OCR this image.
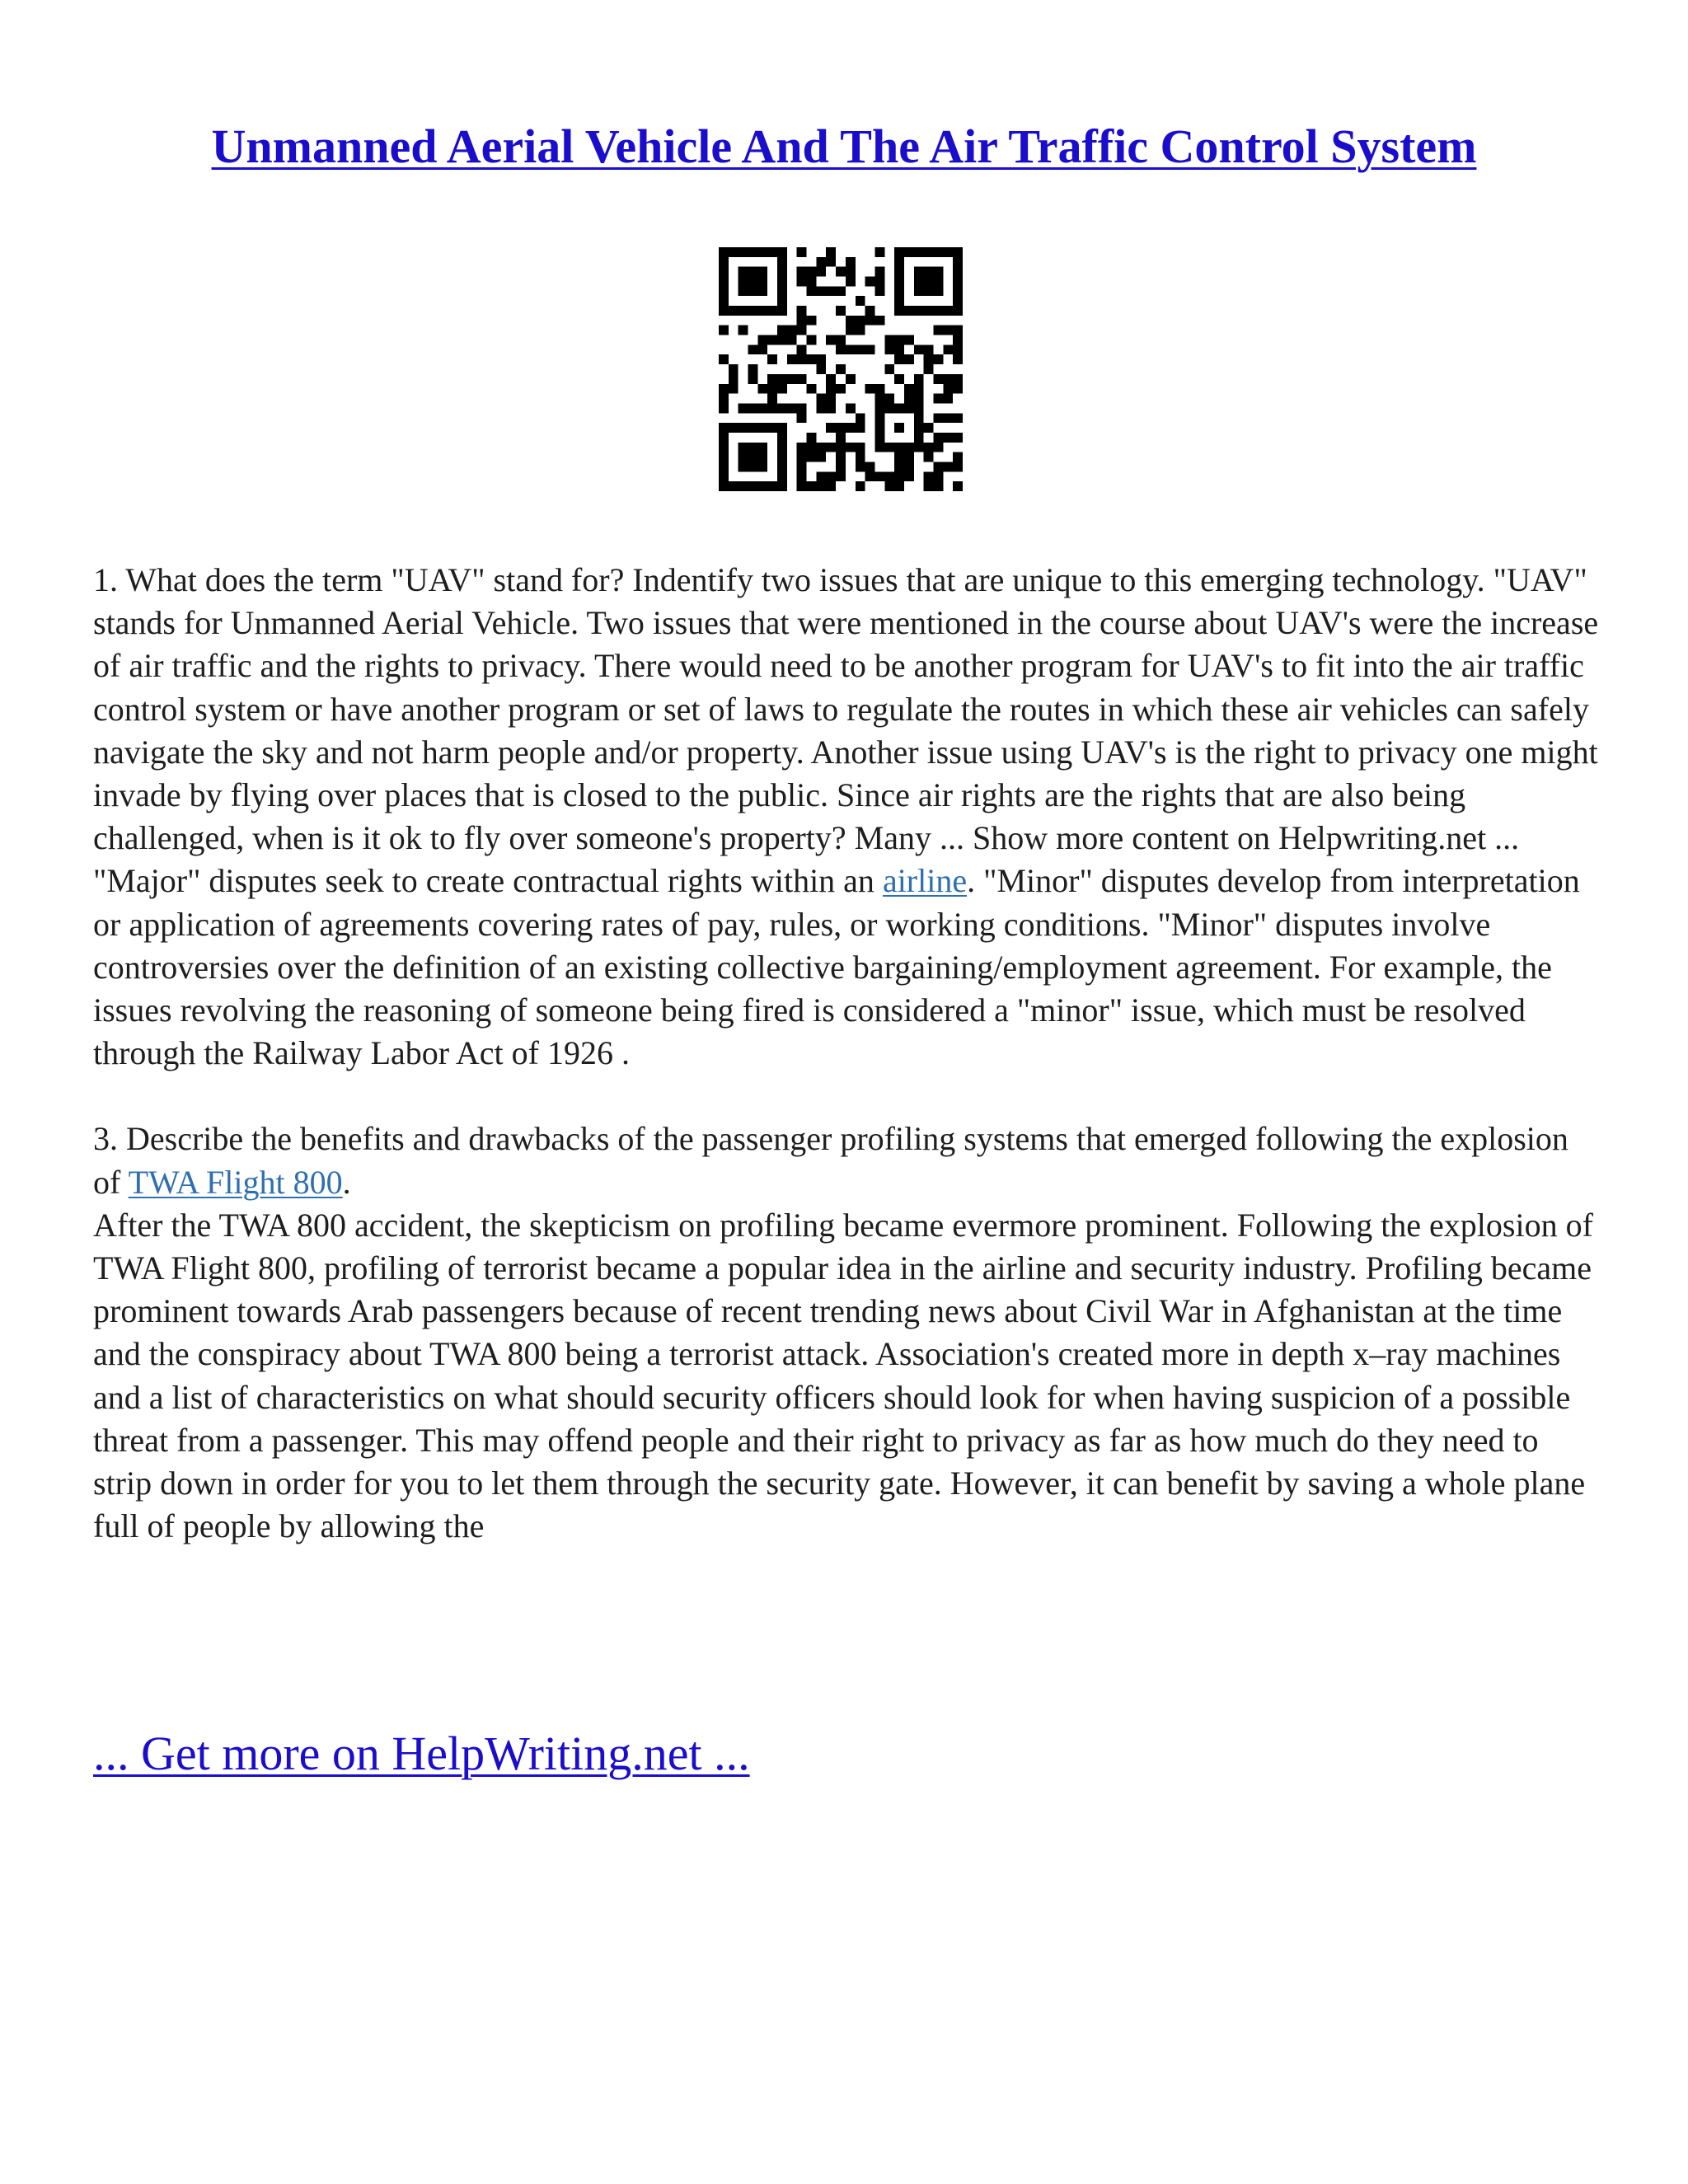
Unmanned Aerial Vehicle And The Air Traffic Control System

1. What does the term "UAV" stand for? Indentify two issues that are unique to this emerging technology. "UAV" stands for Unmanned Aerial Vehicle. Two issues that were mentioned in the course about UAV's were the increase of air traffic and the rights to privacy. There would need to be another program for UAV's to fit into the air traffic control system or have another program or set of laws to regulate the routes in which these air vehicles can safely navigate the sky and not harm people and/or property. Another issue using UAV's is the right to privacy one might invade by flying over places that is closed to the public. Since air rights are the rights that are also being challenged, when is it ok to fly over someone's property? Many ... Show more content on Helpwriting.net ... "Major" disputes seek to create contractual rights within an airline. "Minor" disputes develop from interpretation or application of agreements covering rates of pay, rules, or working conditions. "Minor" disputes involve controversies over the definition of an existing collective bargaining/employment agreement. For example, the issues revolving the reasoning of someone being fired is considered a "minor" issue, which must be resolved through the Railway Labor Act of 1926 .

3. Describe the benefits and drawbacks of the passenger profiling systems that emerged following the explosion of TWA Flight 800.

After the TWA 800 accident, the skepticism on profiling became evermore prominent. Following the explosion of TWA Flight 800, profiling of terrorist became a popular idea in the airline and security industry. Profiling became prominent towards Arab passengers because of recent trending news about Civil War in Afghanistan at the time and the conspiracy about TWA 800 being a terrorist attack. Association's created more in depth x–ray machines and a list of characteristics on what should security officers should look for when having suspicion of a possible threat from a passenger. This may offend people and their right to privacy as far as how much do they need to strip down in order for you to let them through the security gate. However, it can benefit by saving a whole plane full of people by allowing the

... Get more on HelpWriting.net ...
